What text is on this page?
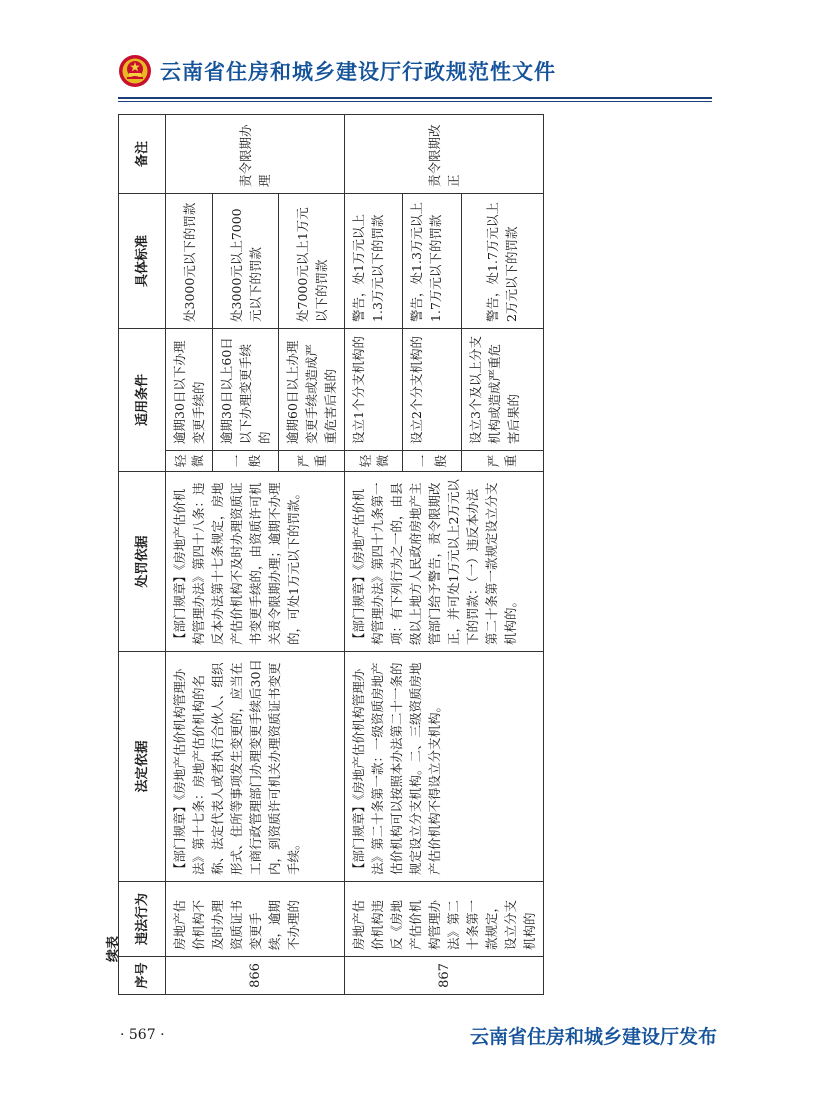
云南省住房和城乡建设厅行政规范性文件
续表
序号	违法行为	法定依据	处罚依据	适用条件		具体标准	备注
866	房地产估价机构不及时办理资质证书变更手续，逾期不办理的	【部门规章】《房地产估价机构管理办法》第十七条：房地产估价机构的名称、法定代表人或者执行合伙人、组织形式、住所等事项发生变更的，应当在工商行政管理部门办理变更手续后30日内，到资质许可机关办理资质证书变更手续。	【部门规章】《房地产估价机构管理办法》第四十八条：违反本办法第十七条规定，房地产估价机构不及时办理资质证书变更手续的，由资质许可机关责令限期办理；逾期不办理的，可处1万元以下的罚款。	轻微	逾期30日以下办理变更手续的	处3000元以下的罚款	责令限期办理
				一般	逾期30日以上60日以下办理变更手续的	处3000元以上7000元以下的罚款	
				严重	逾期60日以上办理变更手续或造成严重危害后果的	处7000元以上1万元以下的罚款	
867	房地产估价机构违反《房地产估价机构管理办法》第二十条第一款规定，设立分支机构的	【部门规章】《房地产估价机构管理办法》第二十条第一款：一级资质房地产估价机构可以按照本办法第二十一条的规定设立分支机构。二、三级资质房地产估价机构不得设立分支机构。	【部门规章】《房地产估价机构管理办法》第四十九条第一项：有下列行为之一的，由县级以上地方人民政府房地产主管部门给予警告，责令限期改正，并可处1万元以上2万元以下的罚款：（一）违反本办法第二十条第一款规定设立分支机构的。	轻微	设立1个分支机构的	警告，处1万元以上1.3万元以下的罚款	责令限期改正
				一般	设立2个分支机构的	警告，处1.3万元以上1.7万元以下的罚款	
				严重	设立3个及以上分支机构或造成严重危害后果的	警告，处1.7万元以上2万元以下的罚款	
· 567 ·	云南省住房和城乡建设厅发布
